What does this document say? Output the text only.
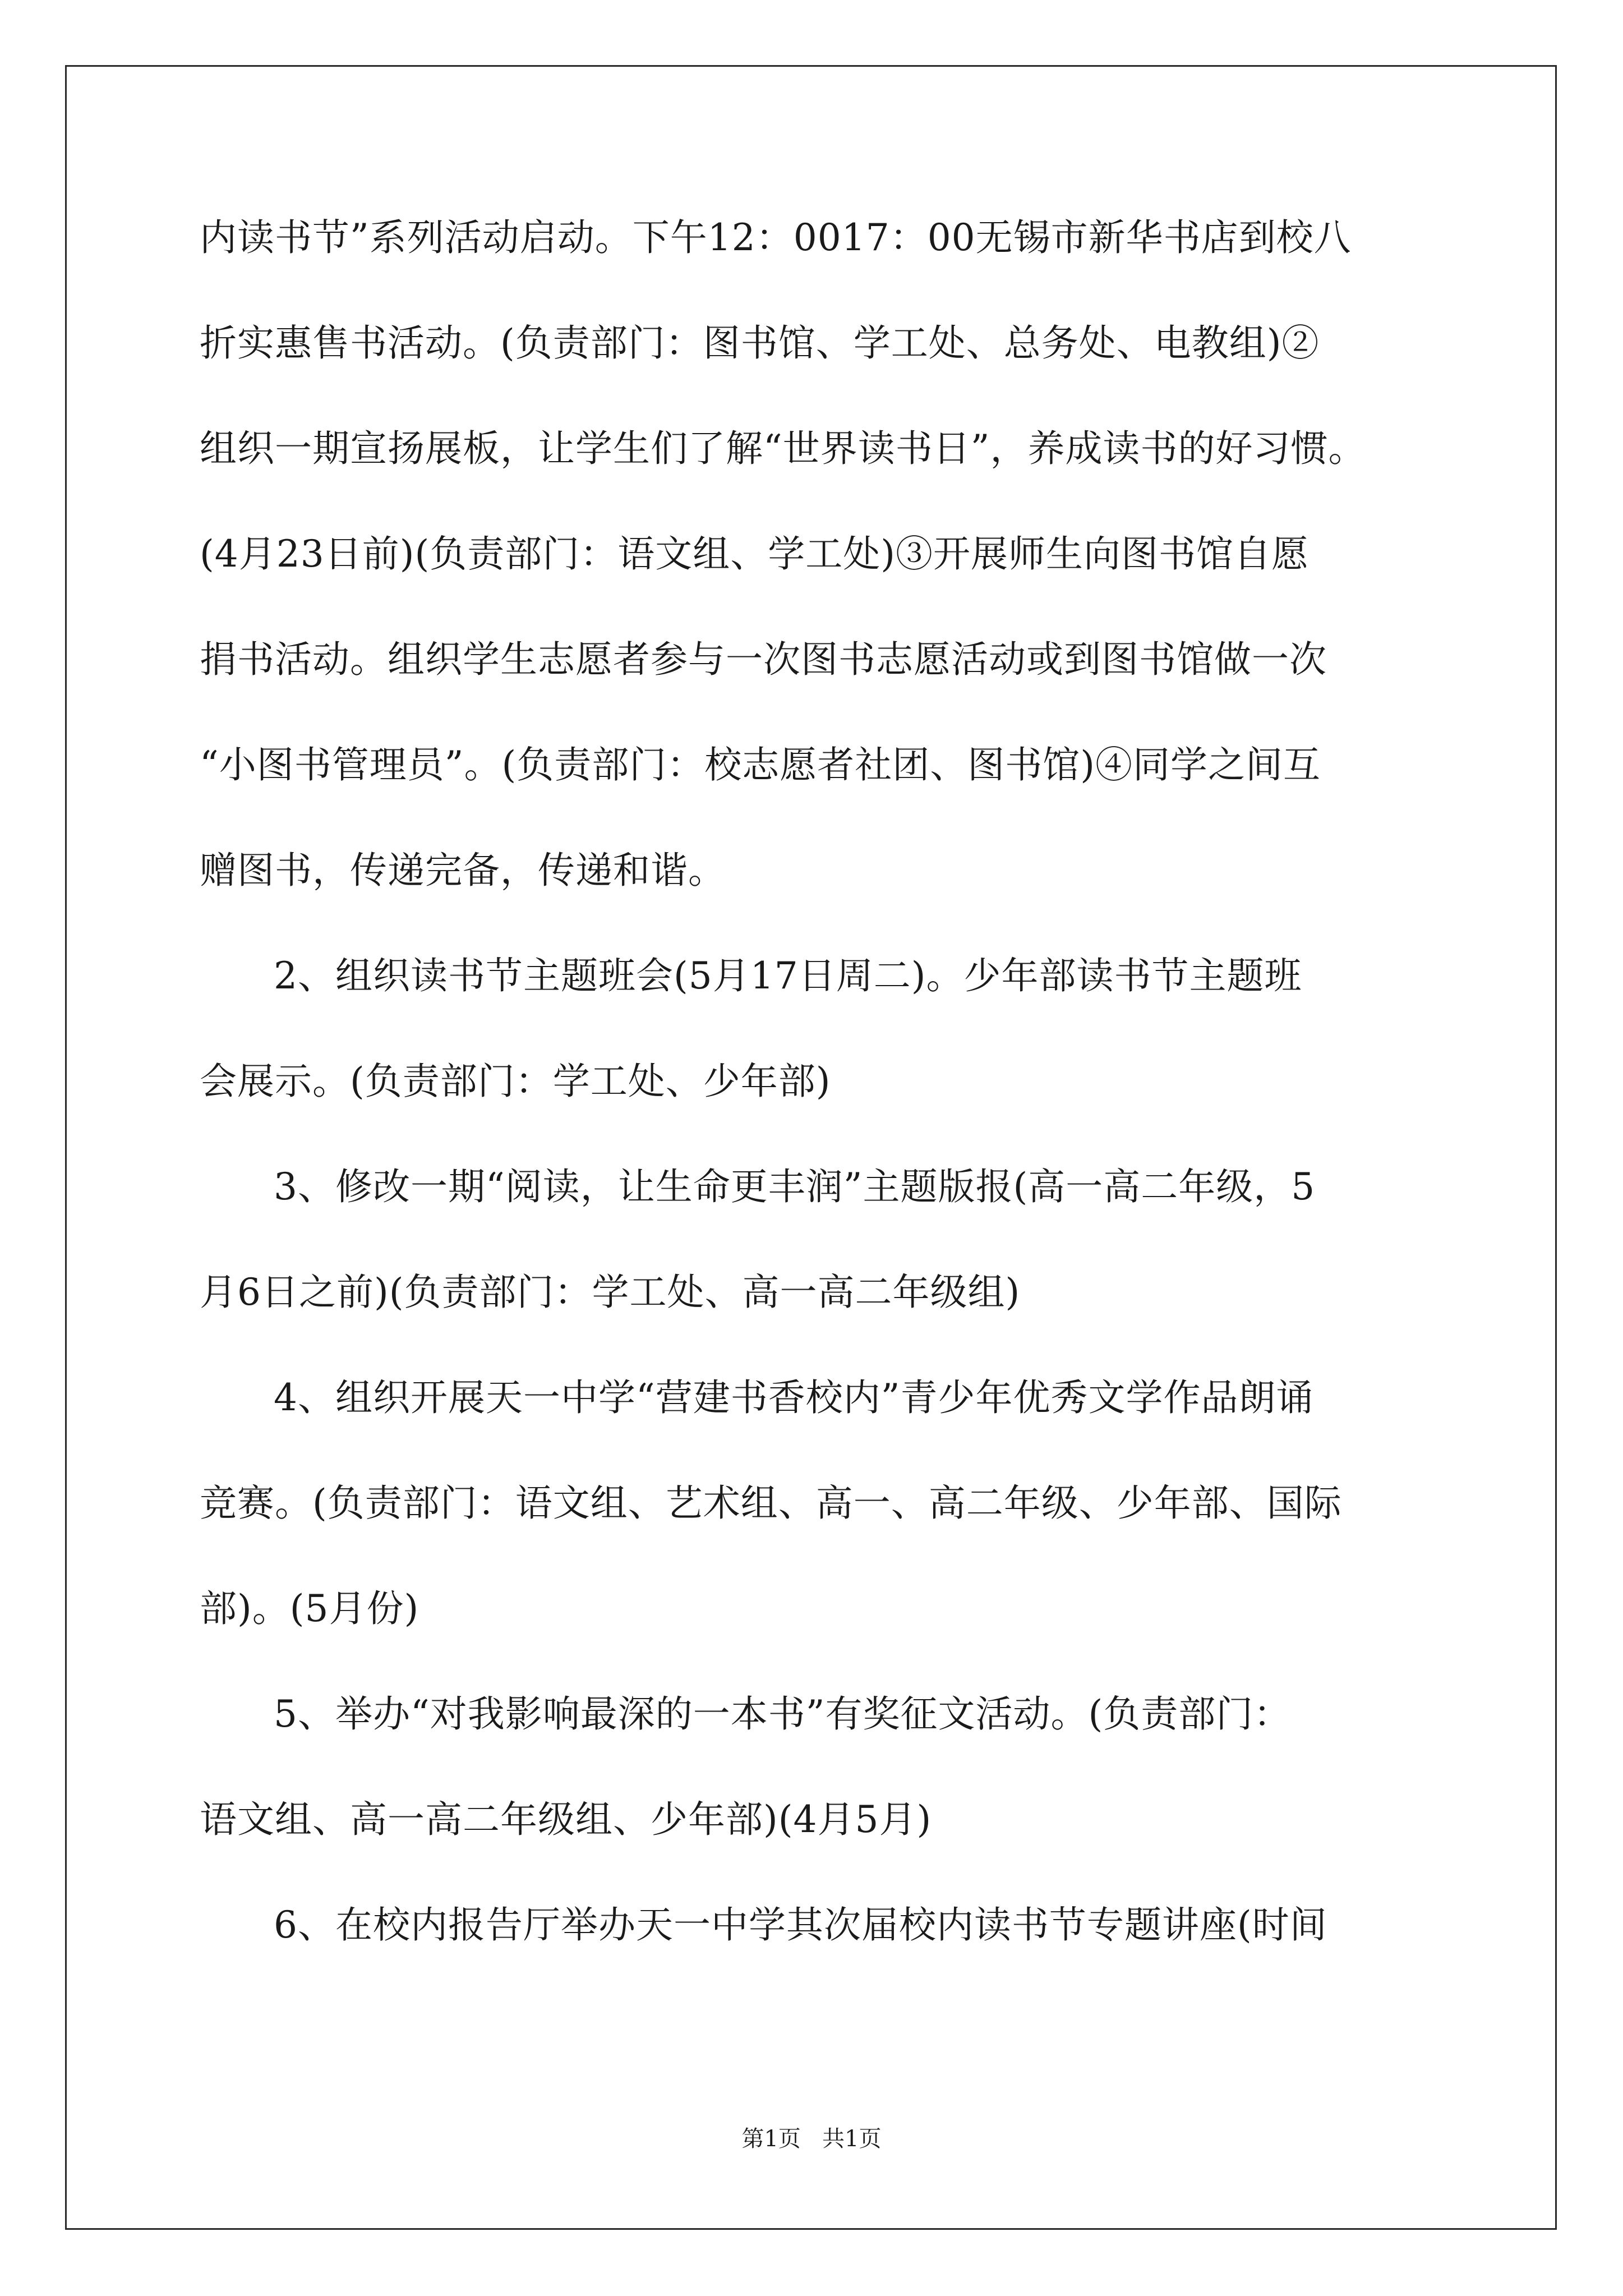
内读书节”系列活动启动。下午12：0017：00无锡市新华书店到校八
折实惠售书活动。(负责部门：图书馆、学工处、总务处、电教组)②
组织一期宣扬展板，让学生们了解“世界读书日”，养成读书的好习惯。
(4月23日前)(负责部门：语文组、学工处)③开展师生向图书馆自愿
捐书活动。组织学生志愿者参与一次图书志愿活动或到图书馆做一次
“小图书管理员”。(负责部门：校志愿者社团、图书馆)④同学之间互
赠图书，传递完备，传递和谐。
2、组织读书节主题班会(5月17日周二)。少年部读书节主题班
会展示。(负责部门：学工处、少年部)
3、修改一期“阅读，让生命更丰润”主题版报(高一高二年级，5
月6日之前)(负责部门：学工处、高一高二年级组)
4、组织开展天一中学“营建书香校内”青少年优秀文学作品朗诵
竞赛。(负责部门：语文组、艺术组、高一、高二年级、少年部、国际
部)。(5月份)
5、举办“对我影响最深的一本书”有奖征文活动。(负责部门：
语文组、高一高二年级组、少年部)(4月5月)
6、在校内报告厅举办天一中学其次届校内读书节专题讲座(时间
第1页   共1页
